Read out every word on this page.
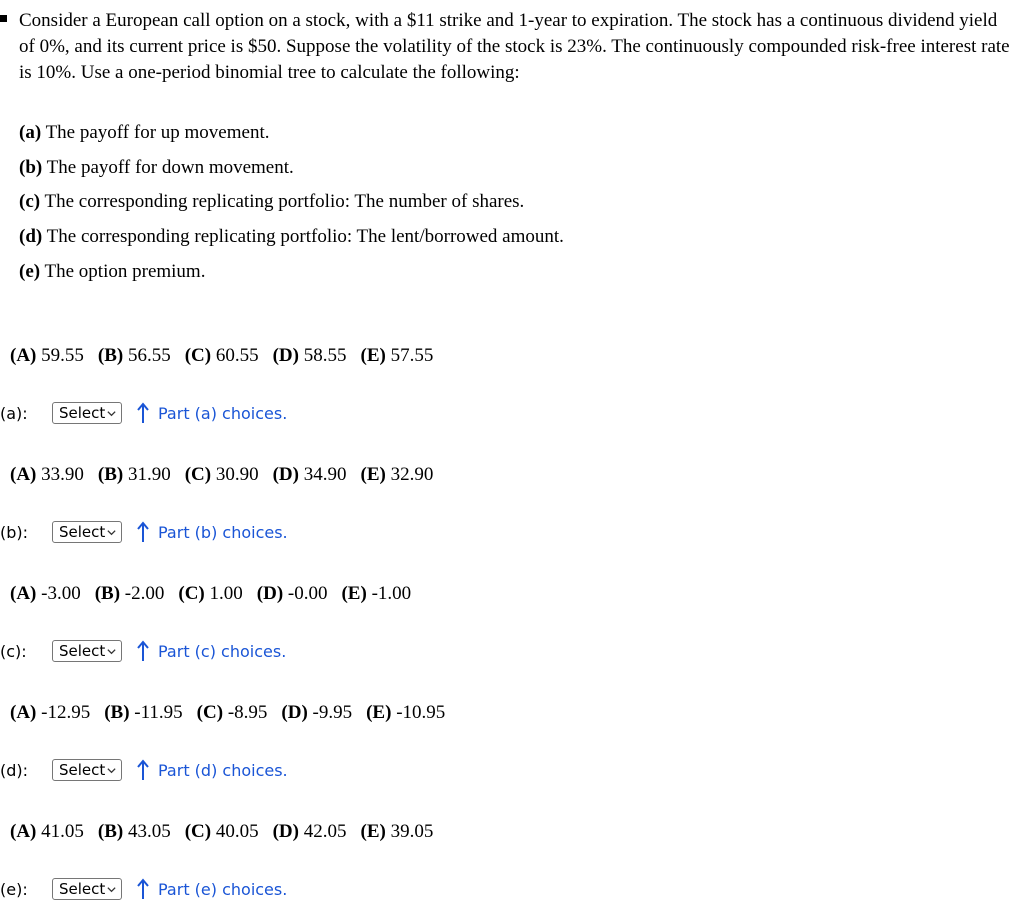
Consider a European call option on a stock, with a $11 strike and 1-year to expiration. The stock has a continuous dividend yield of 0%, and its current price is $50. Suppose the volatility of the stock is 23%. The continuously compounded risk-free interest rate is 10%. Use a one-period binomial tree to calculate the following:

(a) The payoff for up movement.
(b) The payoff for down movement.
(c) The corresponding replicating portfolio: The number of shares.
(d) The corresponding replicating portfolio: The lent/borrowed amount.
(e) The option premium.
(A) 59.55 (B) 56.55 (C) 60.55 (D) 58.55 (E) 57.55
(a):	Select	Part (a) choices.
(A) 33.90 (B) 31.90 (C) 30.90 (D) 34.90 (E) 32.90
(b):	Select	Part (b) choices.
(A) -3.00 (B) -2.00 (C) 1.00 (D) -0.00 (E) -1.00
(c):	Select	Part (c) choices.
(A) -12.95 (B) -11.95 (C) -8.95 (D) -9.95 (E) -10.95
(d):	Select	Part (d) choices.
(A) 41.05 (B) 43.05 (C) 40.05 (D) 42.05 (E) 39.05
(e):	Select	Part (e) choices.
